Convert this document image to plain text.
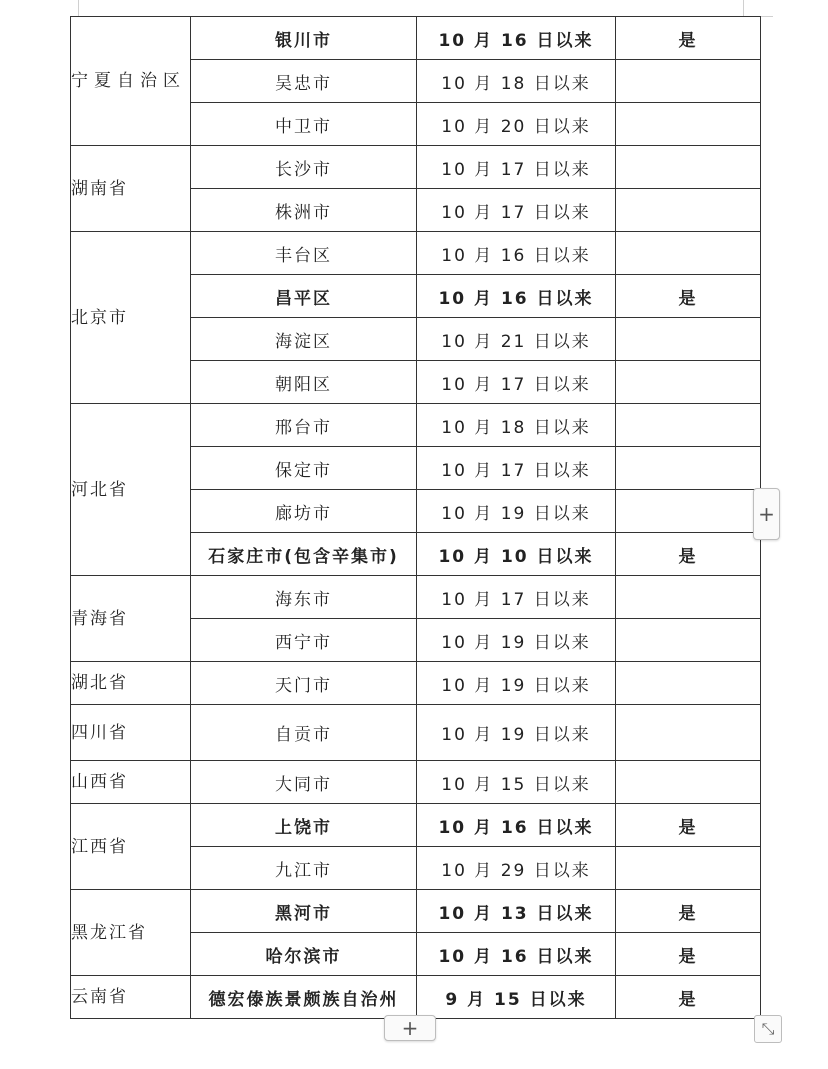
宁夏自治区	银川市	10 月 16 日以来	是
	吴忠市	10 月 18 日以来	
	中卫市	10 月 20 日以来	
湖南省	长沙市	10 月 17 日以来	
	株洲市	10 月 17 日以来	
北京市	丰台区	10 月 16 日以来	
	昌平区	10 月 16 日以来	是
	海淀区	10 月 21 日以来	
	朝阳区	10 月 17 日以来	
河北省	邢台市	10 月 18 日以来	
	保定市	10 月 17 日以来	
	廊坊市	10 月 19 日以来	
	石家庄市(包含辛集市)	10 月 10 日以来	是
青海省	海东市	10 月 17 日以来	
	西宁市	10 月 19 日以来	
湖北省	天门市	10 月 19 日以来	
四川省	自贡市	10 月 19 日以来	
山西省	大同市	10 月 15 日以来	
江西省	上饶市	10 月 16 日以来	是
	九江市	10 月 29 日以来	
黑龙江省	黑河市	10 月 13 日以来	是
	哈尔滨市	10 月 16 日以来	是
云南省	德宏傣族景颇族自治州	9 月 15 日以来	是
+
+	⤡
